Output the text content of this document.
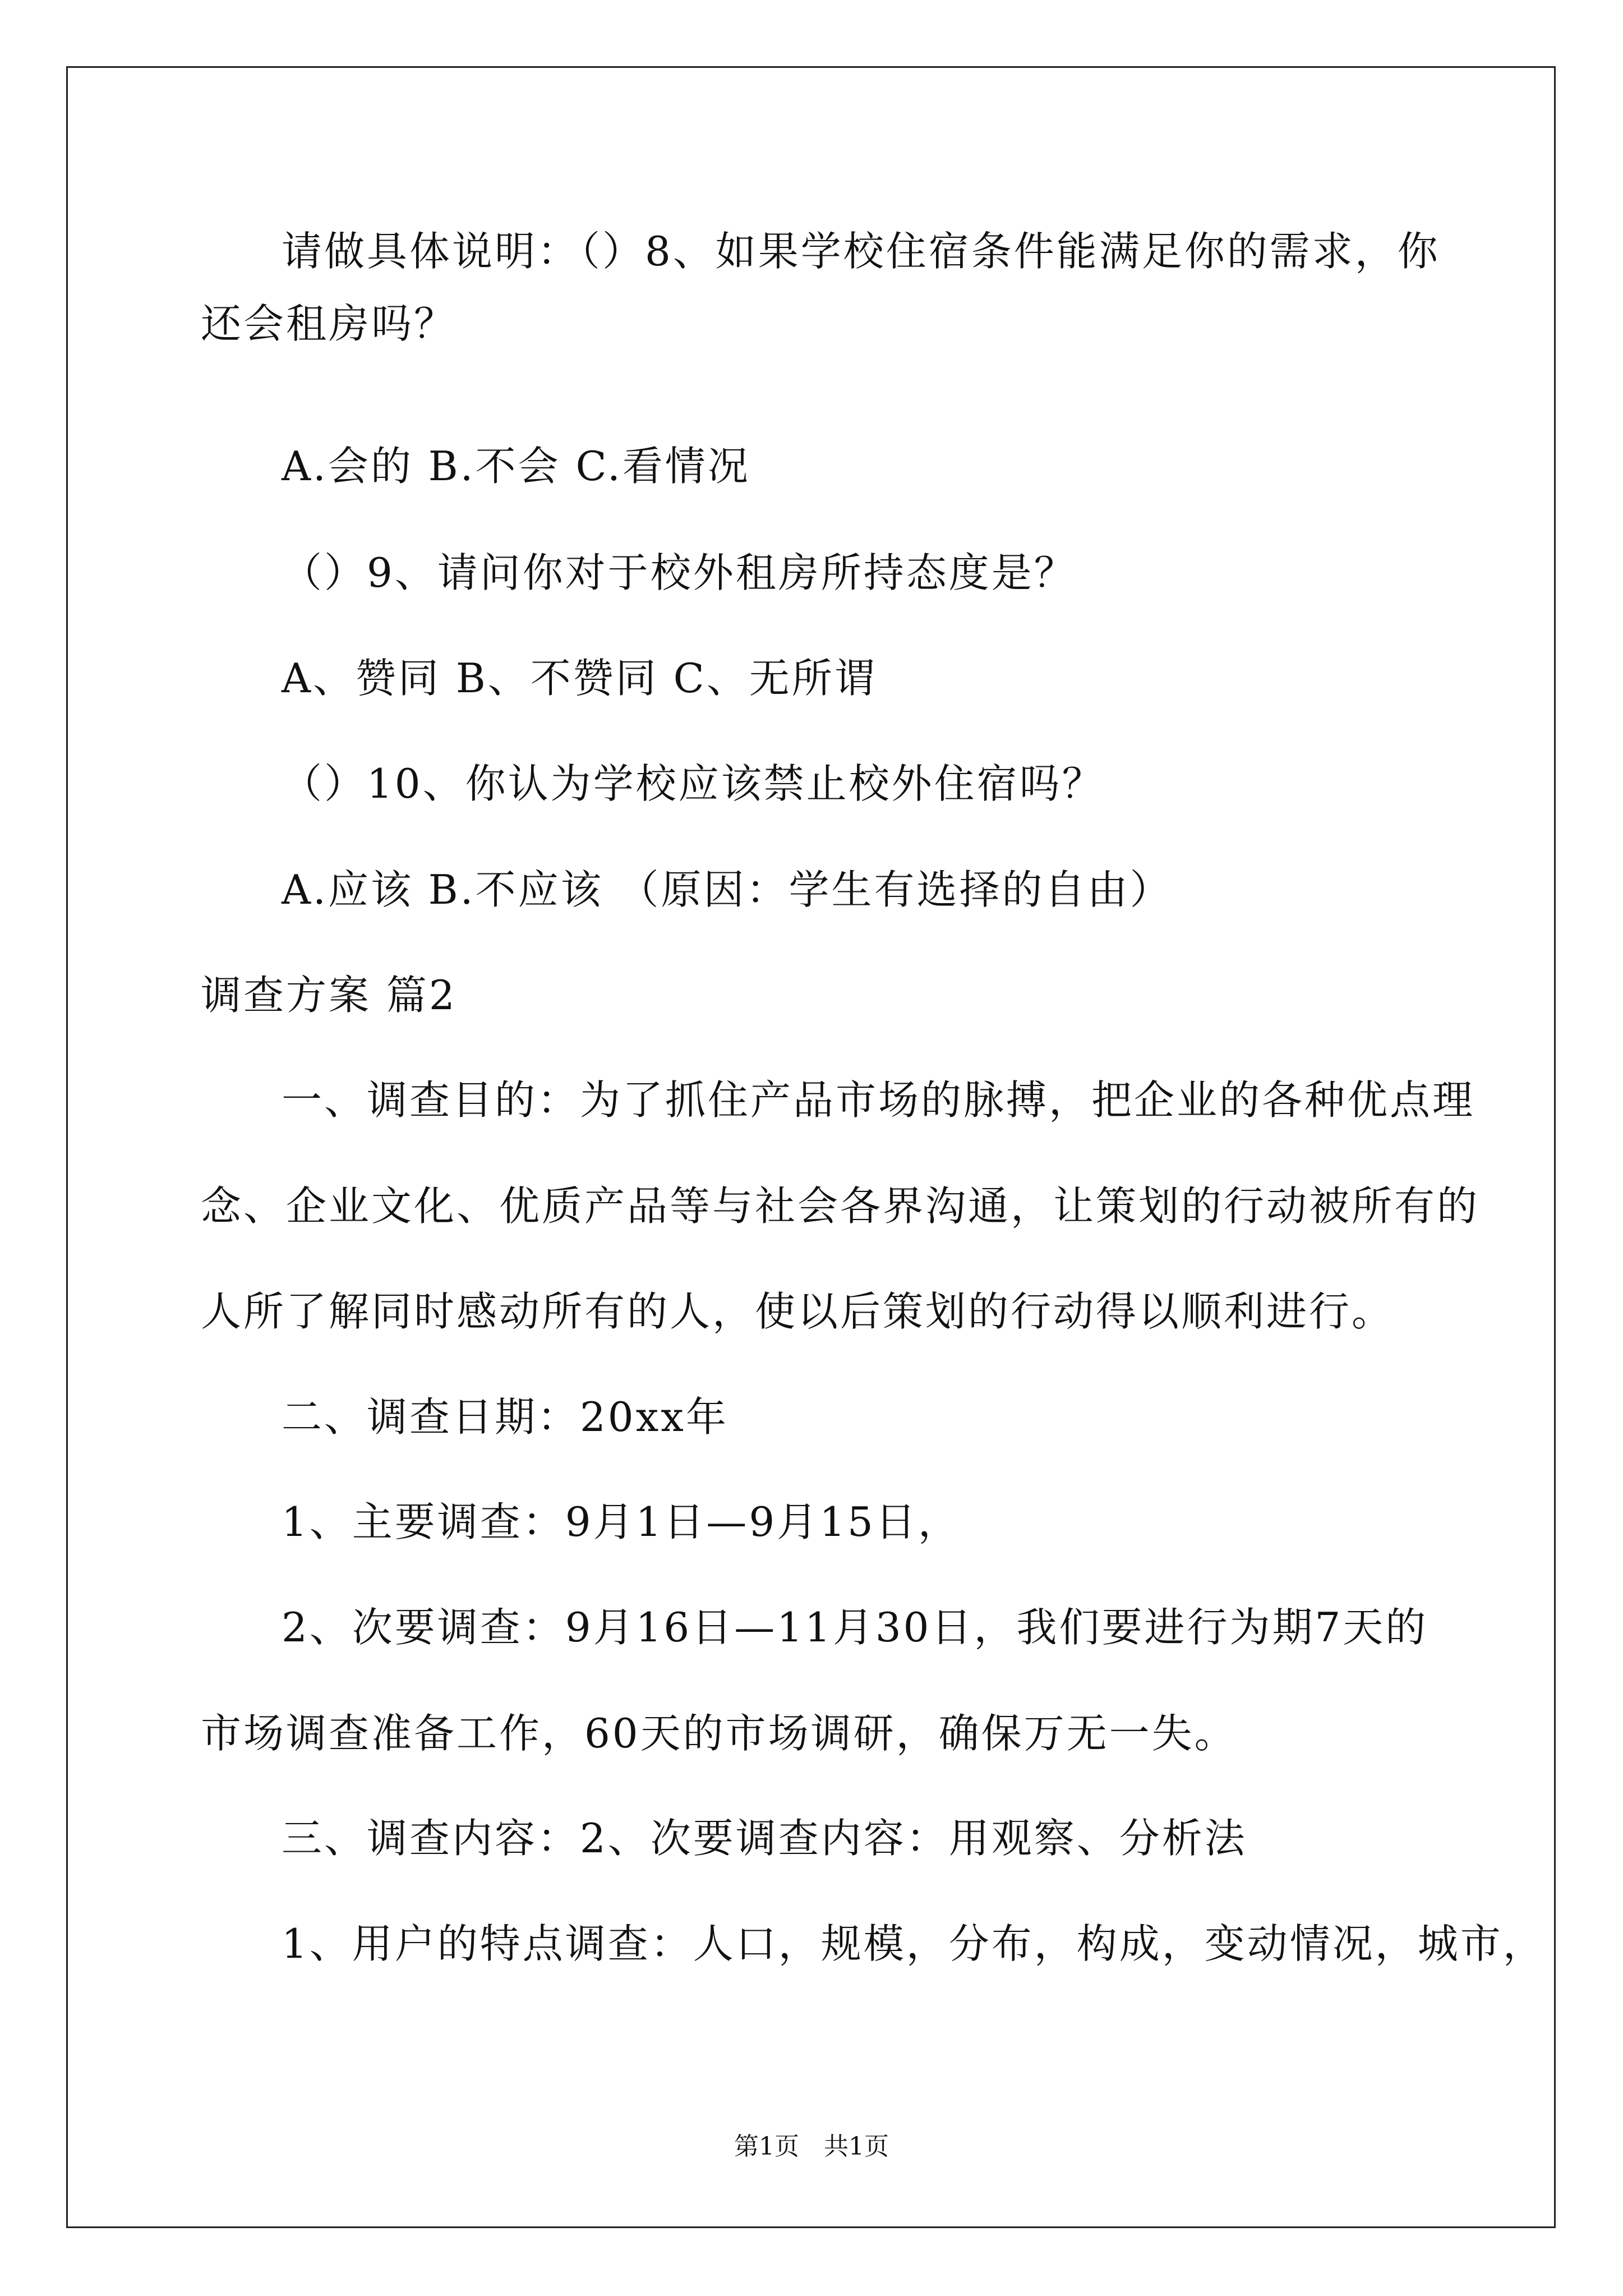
请做具体说明：（）8、如果学校住宿条件能满足你的需求，你
还会租房吗？
A.会的 B.不会 C.看情况
（）9、请问你对于校外租房所持态度是？
A、赞同 B、不赞同 C、无所谓
（）10、你认为学校应该禁止校外住宿吗？
A.应该 B.不应该 （原因：学生有选择的自由）
调查方案 篇2
一、调查目的：为了抓住产品市场的脉搏，把企业的各种优点理
念、企业文化、优质产品等与社会各界沟通，让策划的行动被所有的
人所了解同时感动所有的人，使以后策划的行动得以顺利进行。
二、调查日期：20xx年
1、主要调查：9月1日—9月15日，
2、次要调查：9月16日—11月30日，我们要进行为期7天的
市场调查准备工作，60天的市场调研，确保万无一失。
三、调查内容：2、次要调查内容：用观察、分析法
1、用户的特点调查：人口，规模，分布，构成，变动情况，城市，
第1页　共1页
